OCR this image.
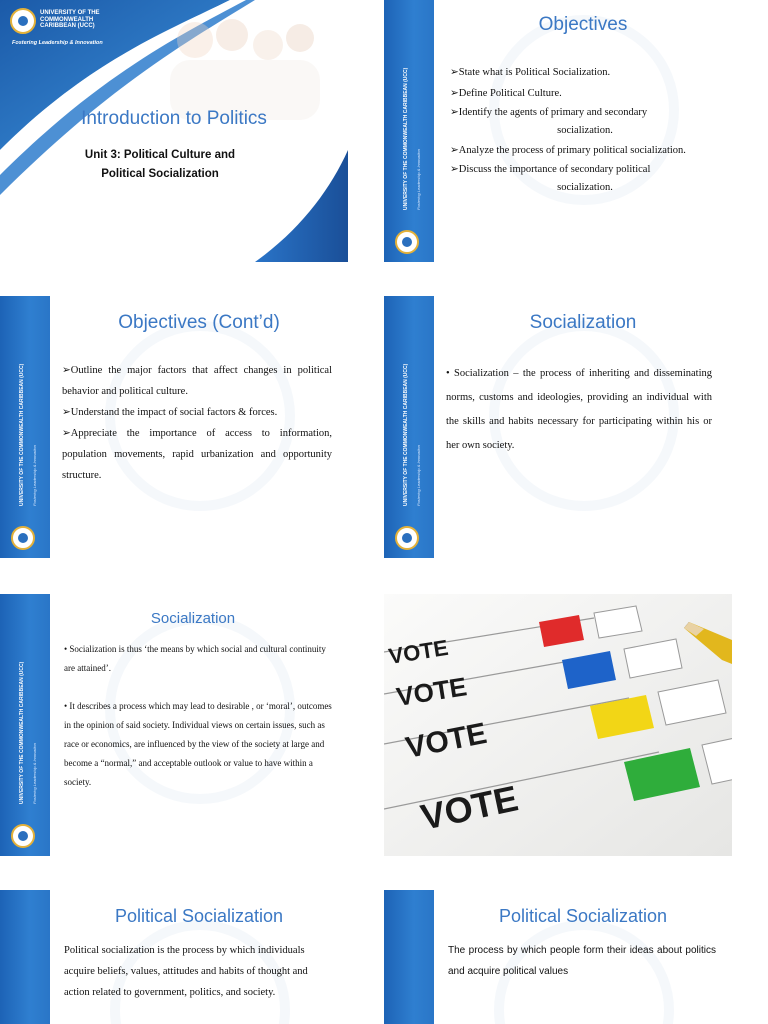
UNIVERSITY OF THE COMMONWEALTH CARIBBEAN (UCC)
Fostering Leadership & Innovation
Introduction to Politics
Unit 3: Political Culture and
Political Socialization	UNIVERSITY OF THE COMMONWEALTH CARIBBEAN (UCC) Fostering Leadership & Innovation
Objectives
➢State what is Political Socialization.
➢Define Political Culture.
➢Identify the agents of primary and secondary
socialization.
➢Analyze the process of primary political socialization.
➢Discuss the importance of secondary political
socialization.
UNIVERSITY OF THE COMMONWEALTH CARIBBEAN (UCC) Fostering Leadership & Innovation
Objectives (Cont’d)

➢Outline the major factors that affect changes in political behavior and political culture.

➢Understand the impact of social factors & forces.

➢Appreciate the importance of access to information, population movements, rapid urbanization and opportunity structure.	UNIVERSITY OF THE COMMONWEALTH CARIBBEAN (UCC) Fostering Leadership & Innovation
Socialization
• Socialization – the process of inheriting and disseminating norms, customs and ideologies, providing an individual with the skills and habits necessary for participating within his or her own society.
UNIVERSITY OF THE COMMONWEALTH CARIBBEAN (UCC) Fostering Leadership & Innovation
Socialization

• Socialization is thus ‘the means by which social and cultural continuity are attained’.

• It describes a process which may lead to desirable , or ‘moral’, outcomes in the opinion of said society. Individual views on certain issues, such as race or economics, are influenced by the view of the society at large and become a “normal,” and acceptable outlook or value to have within a society.

VOTE
VOTE
VOTE
VOTE
Political Socialization
Political socialization is the process by which individuals acquire beliefs, values, attitudes and habits of thought and action related to government, politics, and society.
Political Socialization
The process by which people form their ideas about politics and acquire political values
